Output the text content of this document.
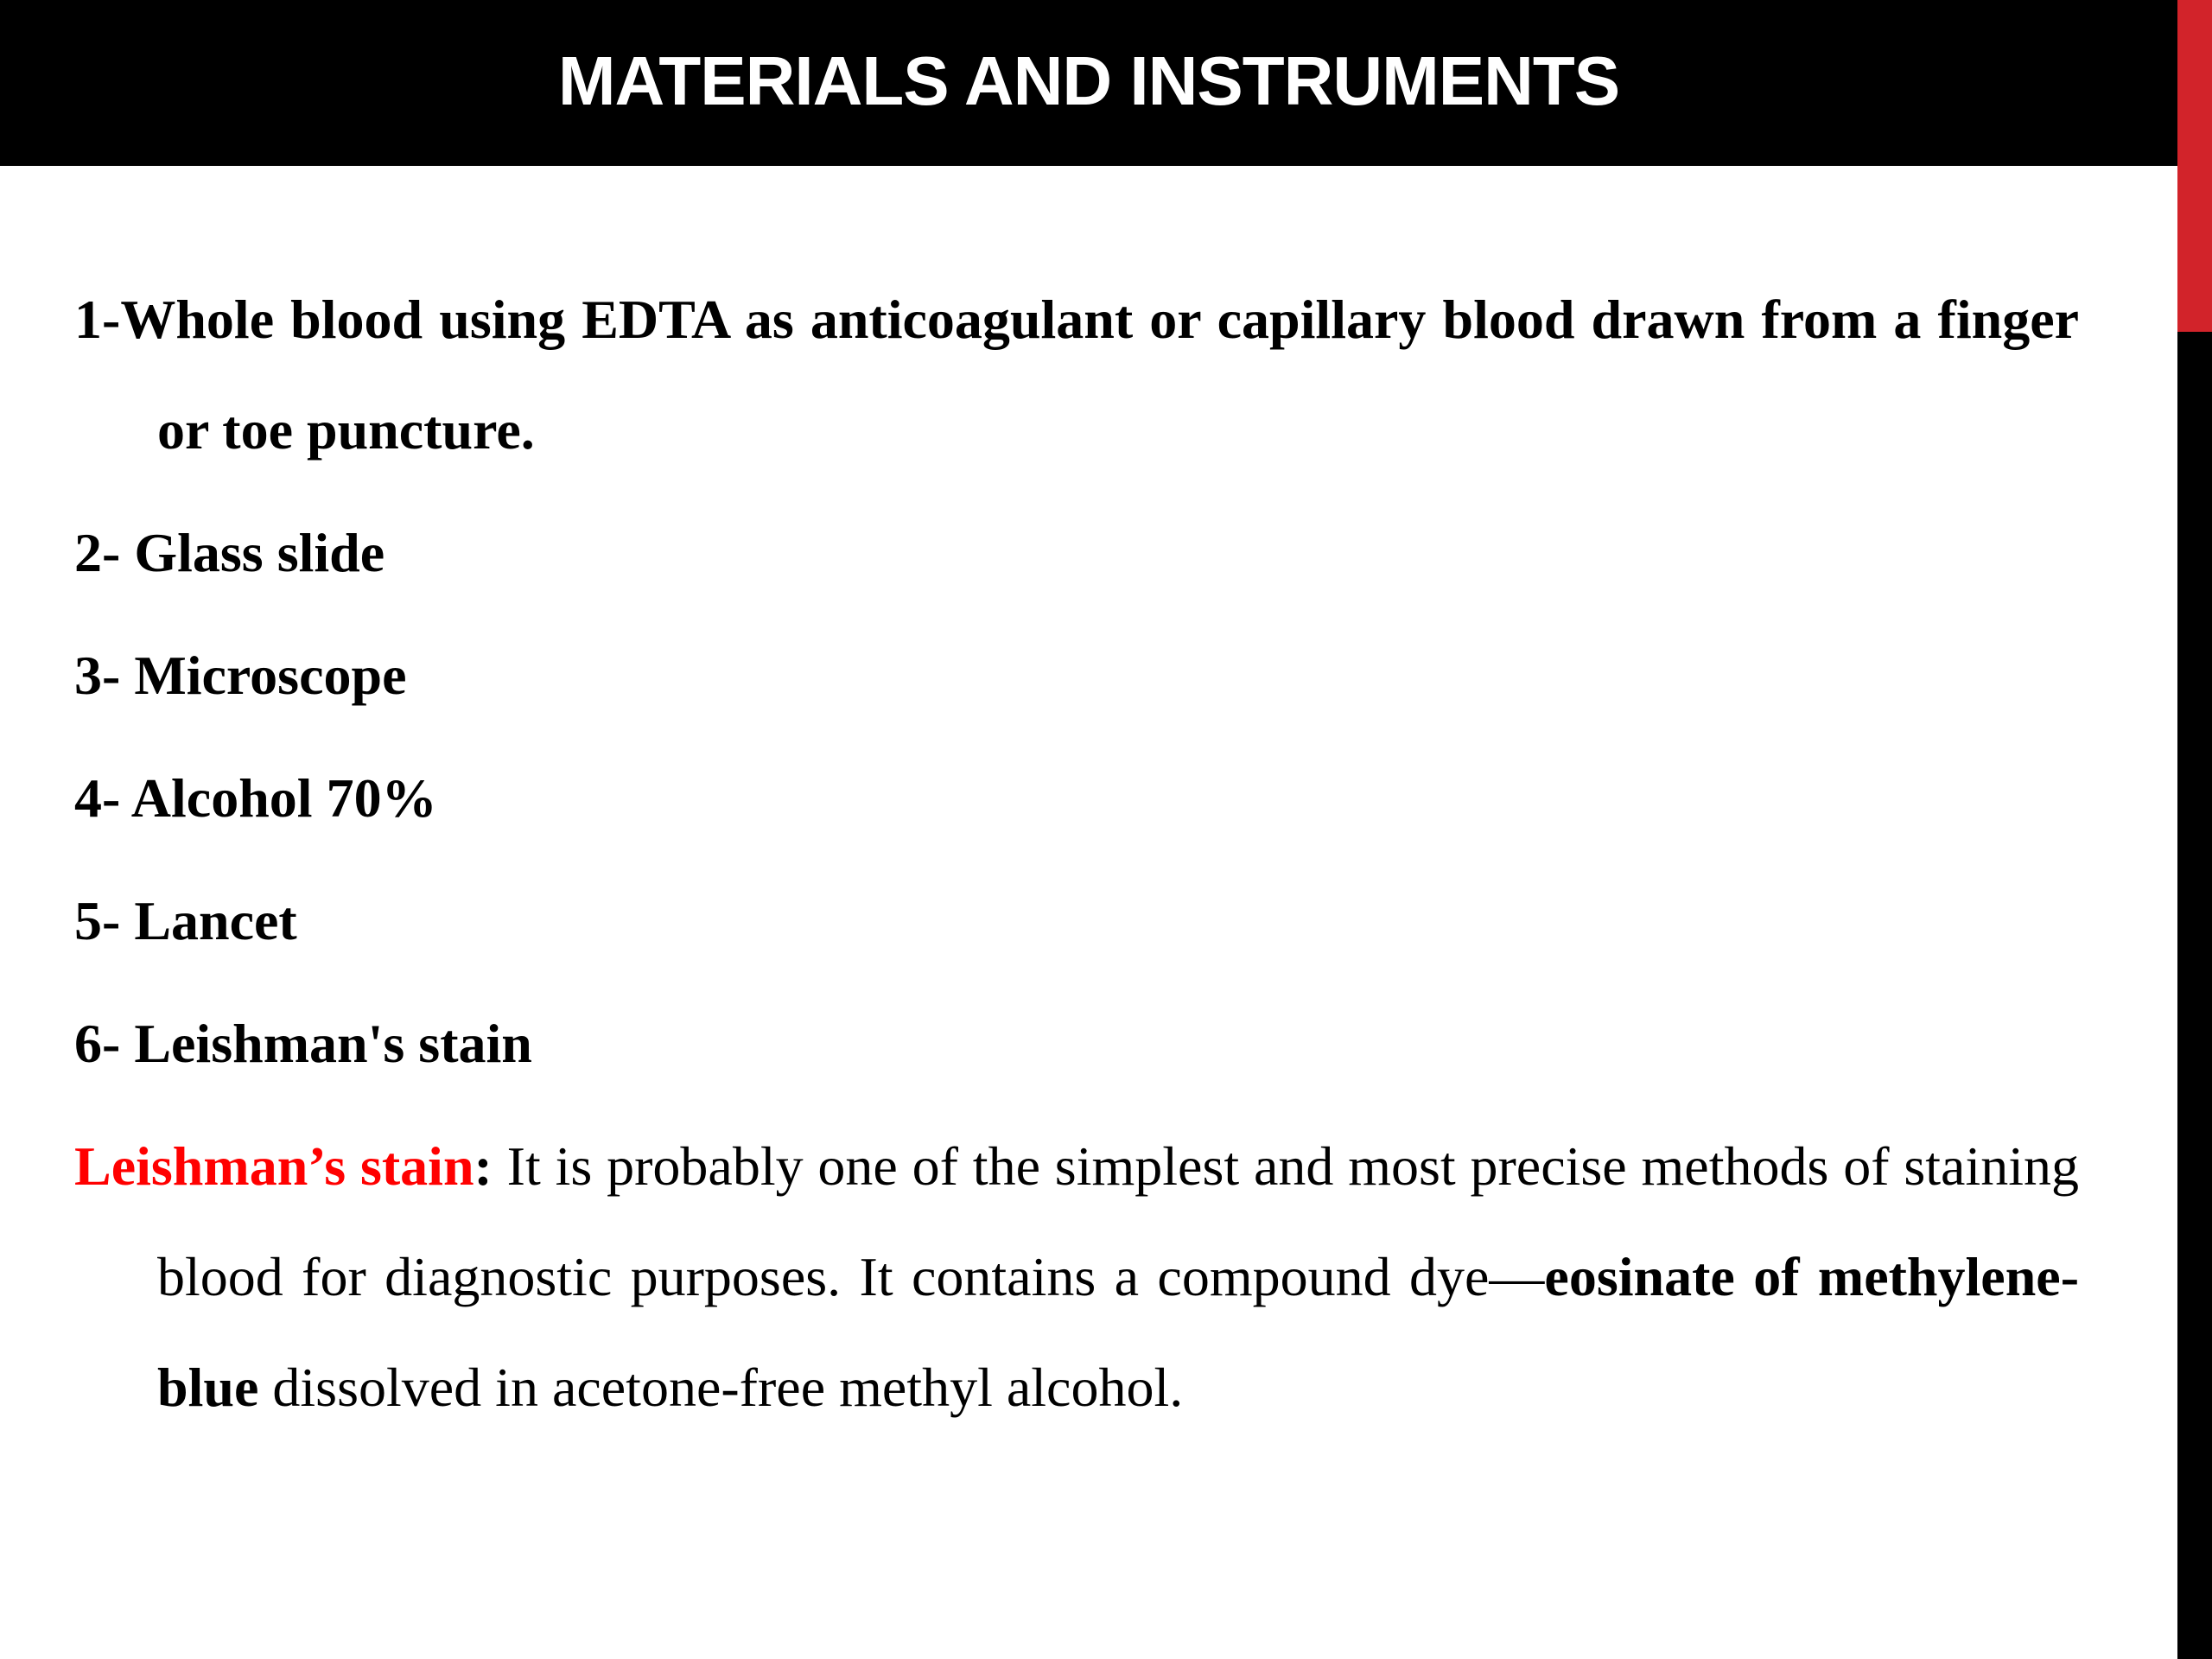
MATERIALS AND INSTRUMENTS
1-Whole blood using EDTA as anticoagulant or capillary blood drawn from a finger or toe puncture.
2- Glass slide
3- Microscope
4- Alcohol 70%
5- Lancet
6- Leishman's stain
Leishman’s stain: It is probably one of the simplest and most precise methods of staining blood for diagnostic purposes. It contains a compound dye—eosinate of methylene-blue dissolved in acetone-free methyl alcohol.
